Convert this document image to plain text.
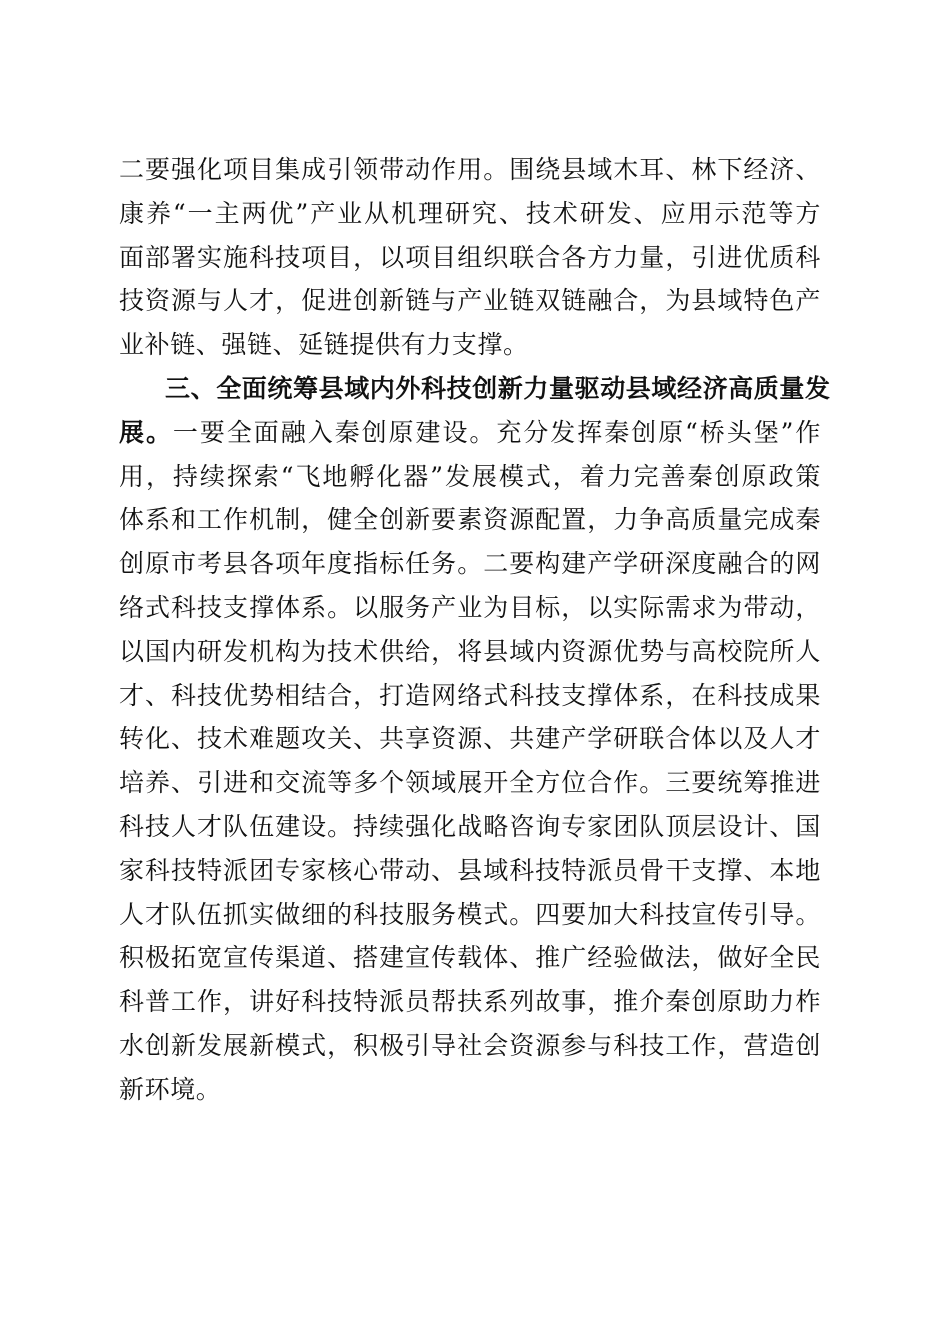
二要强化项目集成引领带动作用。围绕县域木耳、林下经济、
康养“一主两优”产业从机理研究、技术研发、应用示范等方
面部署实施科技项目，以项目组织联合各方力量，引进优质科
技资源与人才，促进创新链与产业链双链融合，为县域特色产
业补链、强链、延链提供有力支撑。
三、全面统筹县域内外科技创新力量驱动县域经济高质量发
展。一要全面融入秦创原建设。充分发挥秦创原“桥头堡”作
用，持续探索“飞地孵化器”发展模式，着力完善秦创原政策
体系和工作机制，健全创新要素资源配置，力争高质量完成秦
创原市考县各项年度指标任务。二要构建产学研深度融合的网
络式科技支撑体系。以服务产业为目标，以实际需求为带动，
以国内研发机构为技术供给，将县域内资源优势与高校院所人
才、科技优势相结合，打造网络式科技支撑体系，在科技成果
转化、技术难题攻关、共享资源、共建产学研联合体以及人才
培养、引进和交流等多个领域展开全方位合作。三要统筹推进
科技人才队伍建设。持续强化战略咨询专家团队顶层设计、国
家科技特派团专家核心带动、县域科技特派员骨干支撑、本地
人才队伍抓实做细的科技服务模式。四要加大科技宣传引导。
积极拓宽宣传渠道、搭建宣传载体、推广经验做法，做好全民
科普工作，讲好科技特派员帮扶系列故事，推介秦创原助力柞
水创新发展新模式，积极引导社会资源参与科技工作，营造创
新环境。
